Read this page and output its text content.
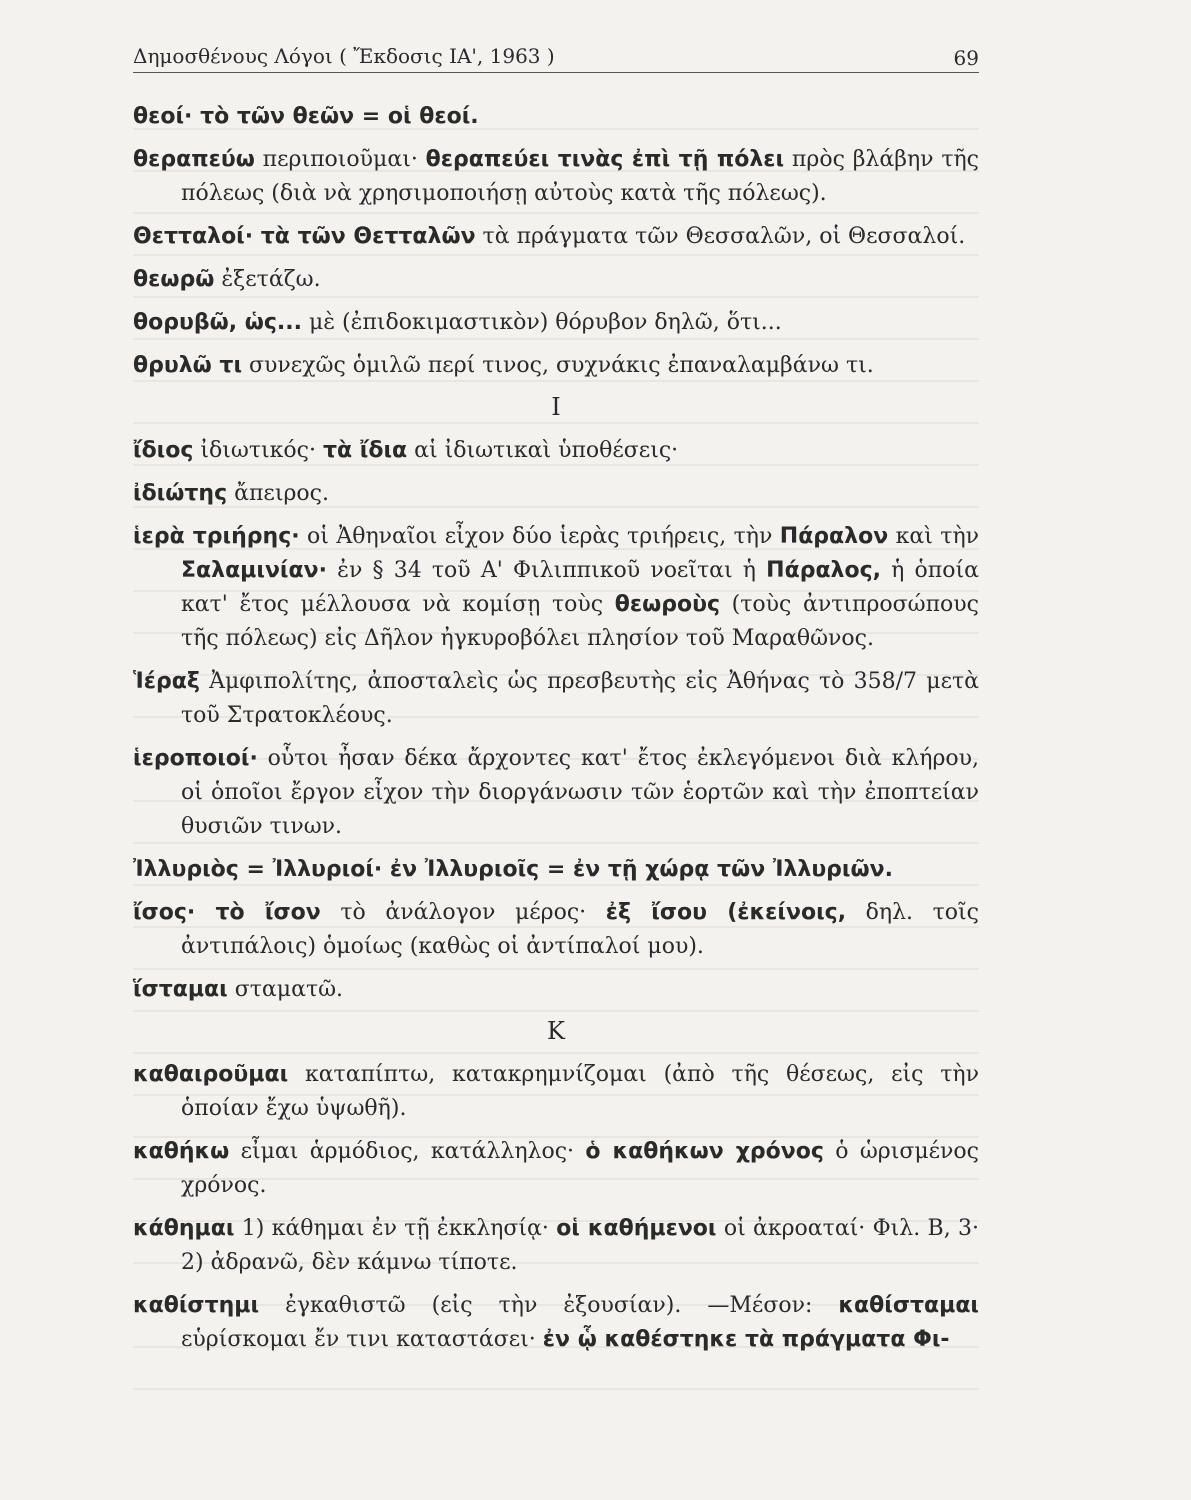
Δημοσθένους Λόγοι ( Ἔκδοσις ΙΑ', 1963 )	69
θεοί· τὸ τῶν θεῶν = οἱ θεοί.
θεραπεύω περιποιοῦμαι· θεραπεύει τινὰς ἐπὶ τῇ πόλει πρὸς βλάβην τῆς πόλεως (διὰ νὰ χρησιμοποιήσῃ αὐτοὺς κατὰ τῆς πόλεως).
Θετταλοί· τὰ τῶν Θετταλῶν τὰ πράγματα τῶν Θεσσαλῶν, οἱ Θεσσαλοί.
θεωρῶ ἐξετάζω.
θορυβῶ, ὡς... μὲ (ἐπιδοκιμαστικὸν) θόρυβον δηλῶ, ὅτι...
θρυλῶ τι συνεχῶς ὁμιλῶ περί τινος, συχνάκις ἐπαναλαμβάνω τι.
Ι
ἴδιος ἰδιωτικός· τὰ ἴδια αἱ ἰδιωτικαὶ ὑποθέσεις·
ἰδιώτης ἄπειρος.
ἱερὰ τριήρης· οἱ Ἀθηναῖοι εἶχον δύο ἱερὰς τριήρεις, τὴν Πάραλον καὶ τὴν Σαλαμινίαν· ἐν § 34 τοῦ Α' Φιλιππικοῦ νοεῖται ἡ Πάραλος, ἡ ὁποία κατ' ἔτος μέλλουσα νὰ κομίσῃ τοὺς θεωροὺς (τοὺς ἀντιπροσώπους τῆς πόλεως) εἰς Δῆλον ἠγκυροβόλει πλησίον τοῦ Μαραθῶνος.
Ἱέραξ Ἀμφιπολίτης, ἀποσταλεὶς ὡς πρεσβευτὴς εἰς Ἀθήνας τὸ 358/7 μετὰ τοῦ Στρατοκλέους.
ἱεροποιοί· οὗτοι ἦσαν δέκα ἄρχοντες κατ' ἔτος ἐκλεγόμενοι διὰ κλήρου, οἱ ὁποῖοι ἔργον εἶχον τὴν διοργάνωσιν τῶν ἑορτῶν καὶ τὴν ἐποπτείαν θυσιῶν τινων.
Ἰλλυριὸς = Ἰλλυριοί· ἐν Ἰλλυριοῖς = ἐν τῇ χώρᾳ τῶν Ἰλλυριῶν.
ἴσος· τὸ ἴσον τὸ ἀνάλογον μέρος· ἐξ ἴσου (ἐκείνοις, δηλ. τοῖς ἀντιπάλοις) ὁμοίως (καθὼς οἱ ἀντίπαλοί μου).
ἵσταμαι σταματῶ.
Κ
καθαιροῦμαι καταπίπτω, κατακρημνίζομαι (ἀπὸ τῆς θέσεως, εἰς τὴν ὁποίαν ἔχω ὑψωθῆ).
καθήκω εἶμαι ἁρμόδιος, κατάλληλος· ὁ καθήκων χρόνος ὁ ὡρισμένος χρόνος.
κάθημαι 1) κάθημαι ἐν τῇ ἐκκλησίᾳ· οἱ καθήμενοι οἱ ἀκροαταί· Φιλ. Β, 3· 2) ἀδρανῶ, δὲν κάμνω τίποτε.
καθίστημι ἐγκαθιστῶ (εἰς τὴν ἐξουσίαν). —Μέσον: καθίσταμαι εὑρίσκομαι ἔν τινι καταστάσει· ἐν ᾧ καθέστηκε τὰ πράγματα Φι-
